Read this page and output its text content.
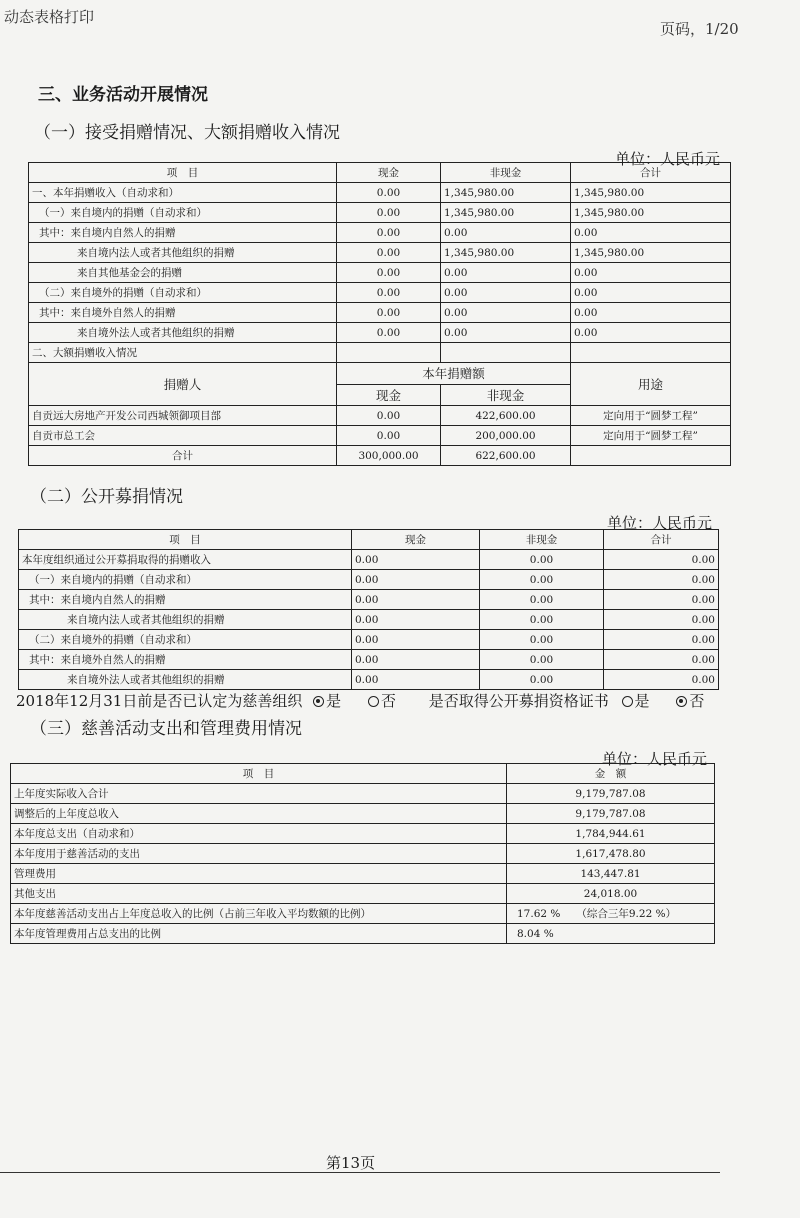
动态表格打印
页码，1/20
三、业务活动开展情况
（一）接受捐赠情况、大额捐赠收入情况
单位：人民币元
项　目	现金	非现金	合计
一、本年捐赠收入（自动求和）	0.00	1,345,980.00	1,345,980.00
（一）来自境内的捐赠（自动求和）	0.00	1,345,980.00	1,345,980.00
其中：来自境内自然人的捐赠	0.00	0.00	0.00
来自境内法人或者其他组织的捐赠	0.00	1,345,980.00	1,345,980.00
来自其他基金会的捐赠	0.00	0.00	0.00
（二）来自境外的捐赠（自动求和）	0.00	0.00	0.00
其中：来自境外自然人的捐赠	0.00	0.00	0.00
来自境外法人或者其他组织的捐赠	0.00	0.00	0.00
二、大额捐赠收入情况			
捐赠人	本年捐赠额		用途
	现金	非现金	
自贡远大房地产开发公司西城领御项目部	0.00	422,600.00	定向用于“圆梦工程”
自贡市总工会	0.00	200,000.00	定向用于“圆梦工程”
合计	300,000.00	622,600.00	
（二）公开募捐情况
单位：人民币元
项　目	现金	非现金	合计
本年度组织通过公开募捐取得的捐赠收入	0.00	0.00	0.00
（一）来自境内的捐赠（自动求和）	0.00	0.00	0.00
其中：来自境内自然人的捐赠	0.00	0.00	0.00
来自境内法人或者其他组织的捐赠	0.00	0.00	0.00
（二）来自境外的捐赠（自动求和）	0.00	0.00	0.00
其中：来自境外自然人的捐赠	0.00	0.00	0.00
来自境外法人或者其他组织的捐赠	0.00	0.00	0.00
2018年12月31日前是否已认定为慈善组织 是	否 是否取得公开募捐资格证书 是	否
（三）慈善活动支出和管理费用情况
单位：人民币元
项　目	金　额
上年度实际收入合计	9,179,787.08
调整后的上年度总收入	9,179,787.08
本年度总支出（自动求和）	1,784,944.61
本年度用于慈善活动的支出	1,617,478.80
管理费用	143,447.81
其他支出	24,018.00
本年度慈善活动支出占上年度总收入的比例（占前三年收入平均数额的比例）	17.62 % （综合三年9.22 %）
本年度管理费用占总支出的比例	8.04 %
第13页
